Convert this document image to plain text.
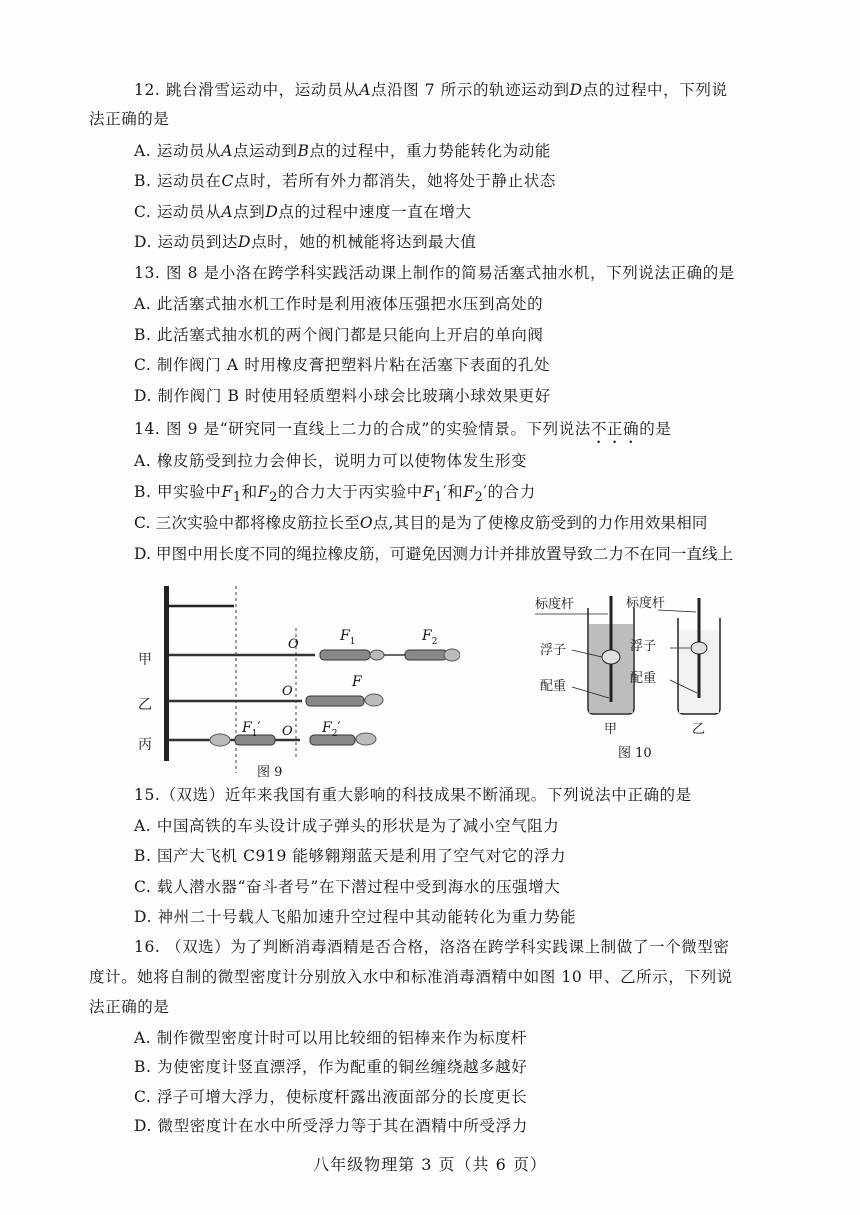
12. 跳台滑雪运动中，运动员从A点沿图 7 所示的轨迹运动到D点的过程中，下列说
法正确的是
A. 运动员从A点运动到B点的过程中，重力势能转化为动能
B. 运动员在C点时，若所有外力都消失，她将处于静止状态
C. 运动员从A点到D点的过程中速度一直在增大
D. 运动员到达D点时，她的机械能将达到最大值
13. 图 8 是小洛在跨学科实践活动课上制作的简易活塞式抽水机，下列说法正确的是
A. 此活塞式抽水机工作时是利用液体压强把水压到高处的
B. 此活塞式抽水机的两个阀门都是只能向上开启的单向阀
C. 制作阀门 A 时用橡皮膏把塑料片粘在活塞下表面的孔处
D. 制作阀门 B 时使用轻质塑料小球会比玻璃小球效果更好
14. 图 9 是“研究同一直线上二力的合成”的实验情景。下列说法不正确的是
A. 橡皮筋受到拉力会伸长，说明力可以使物体发生形变
B. 甲实验中$F_1$和$F_2$的合力大于丙实验中$F_1'$和$F_2'$的合力
C. 三次实验中都将橡皮筋拉长至O点,其目的是为了使橡皮筋受到的力作用效果相同
D. 甲图中用长度不同的绳拉橡皮筋，可避免因测力计并排放置导致二力不在同一直线上
甲
O
$F_1$	$F_2$
乙
O
F
丙
O
$F_1'$	$F_2'$
图 9
标度杆
浮子
配重
甲
标度杆
浮子
配重
乙
图 10
15.（双选）近年来我国有重大影响的科技成果不断涌现。下列说法中正确的是
A. 中国高铁的车头设计成子弹头的形状是为了减小空气阻力
B. 国产大飞机 C919 能够翱翔蓝天是利用了空气对它的浮力
C. 载人潜水器“奋斗者号”在下潜过程中受到海水的压强增大
D. 神州二十号载人飞船加速升空过程中其动能转化为重力势能
16. （双选）为了判断消毒酒精是否合格，洛洛在跨学科实践课上制做了一个微型密
度计。她将自制的微型密度计分别放入水中和标准消毒酒精中如图 10 甲、乙所示，下列说
法正确的是
A. 制作微型密度计时可以用比较细的铝棒来作为标度杆
B. 为使密度计竖直漂浮，作为配重的铜丝缠绕越多越好
C. 浮子可增大浮力，使标度杆露出液面部分的长度更长
D. 微型密度计在水中所受浮力等于其在酒精中所受浮力
八年级物理第 3 页（共 6 页）
